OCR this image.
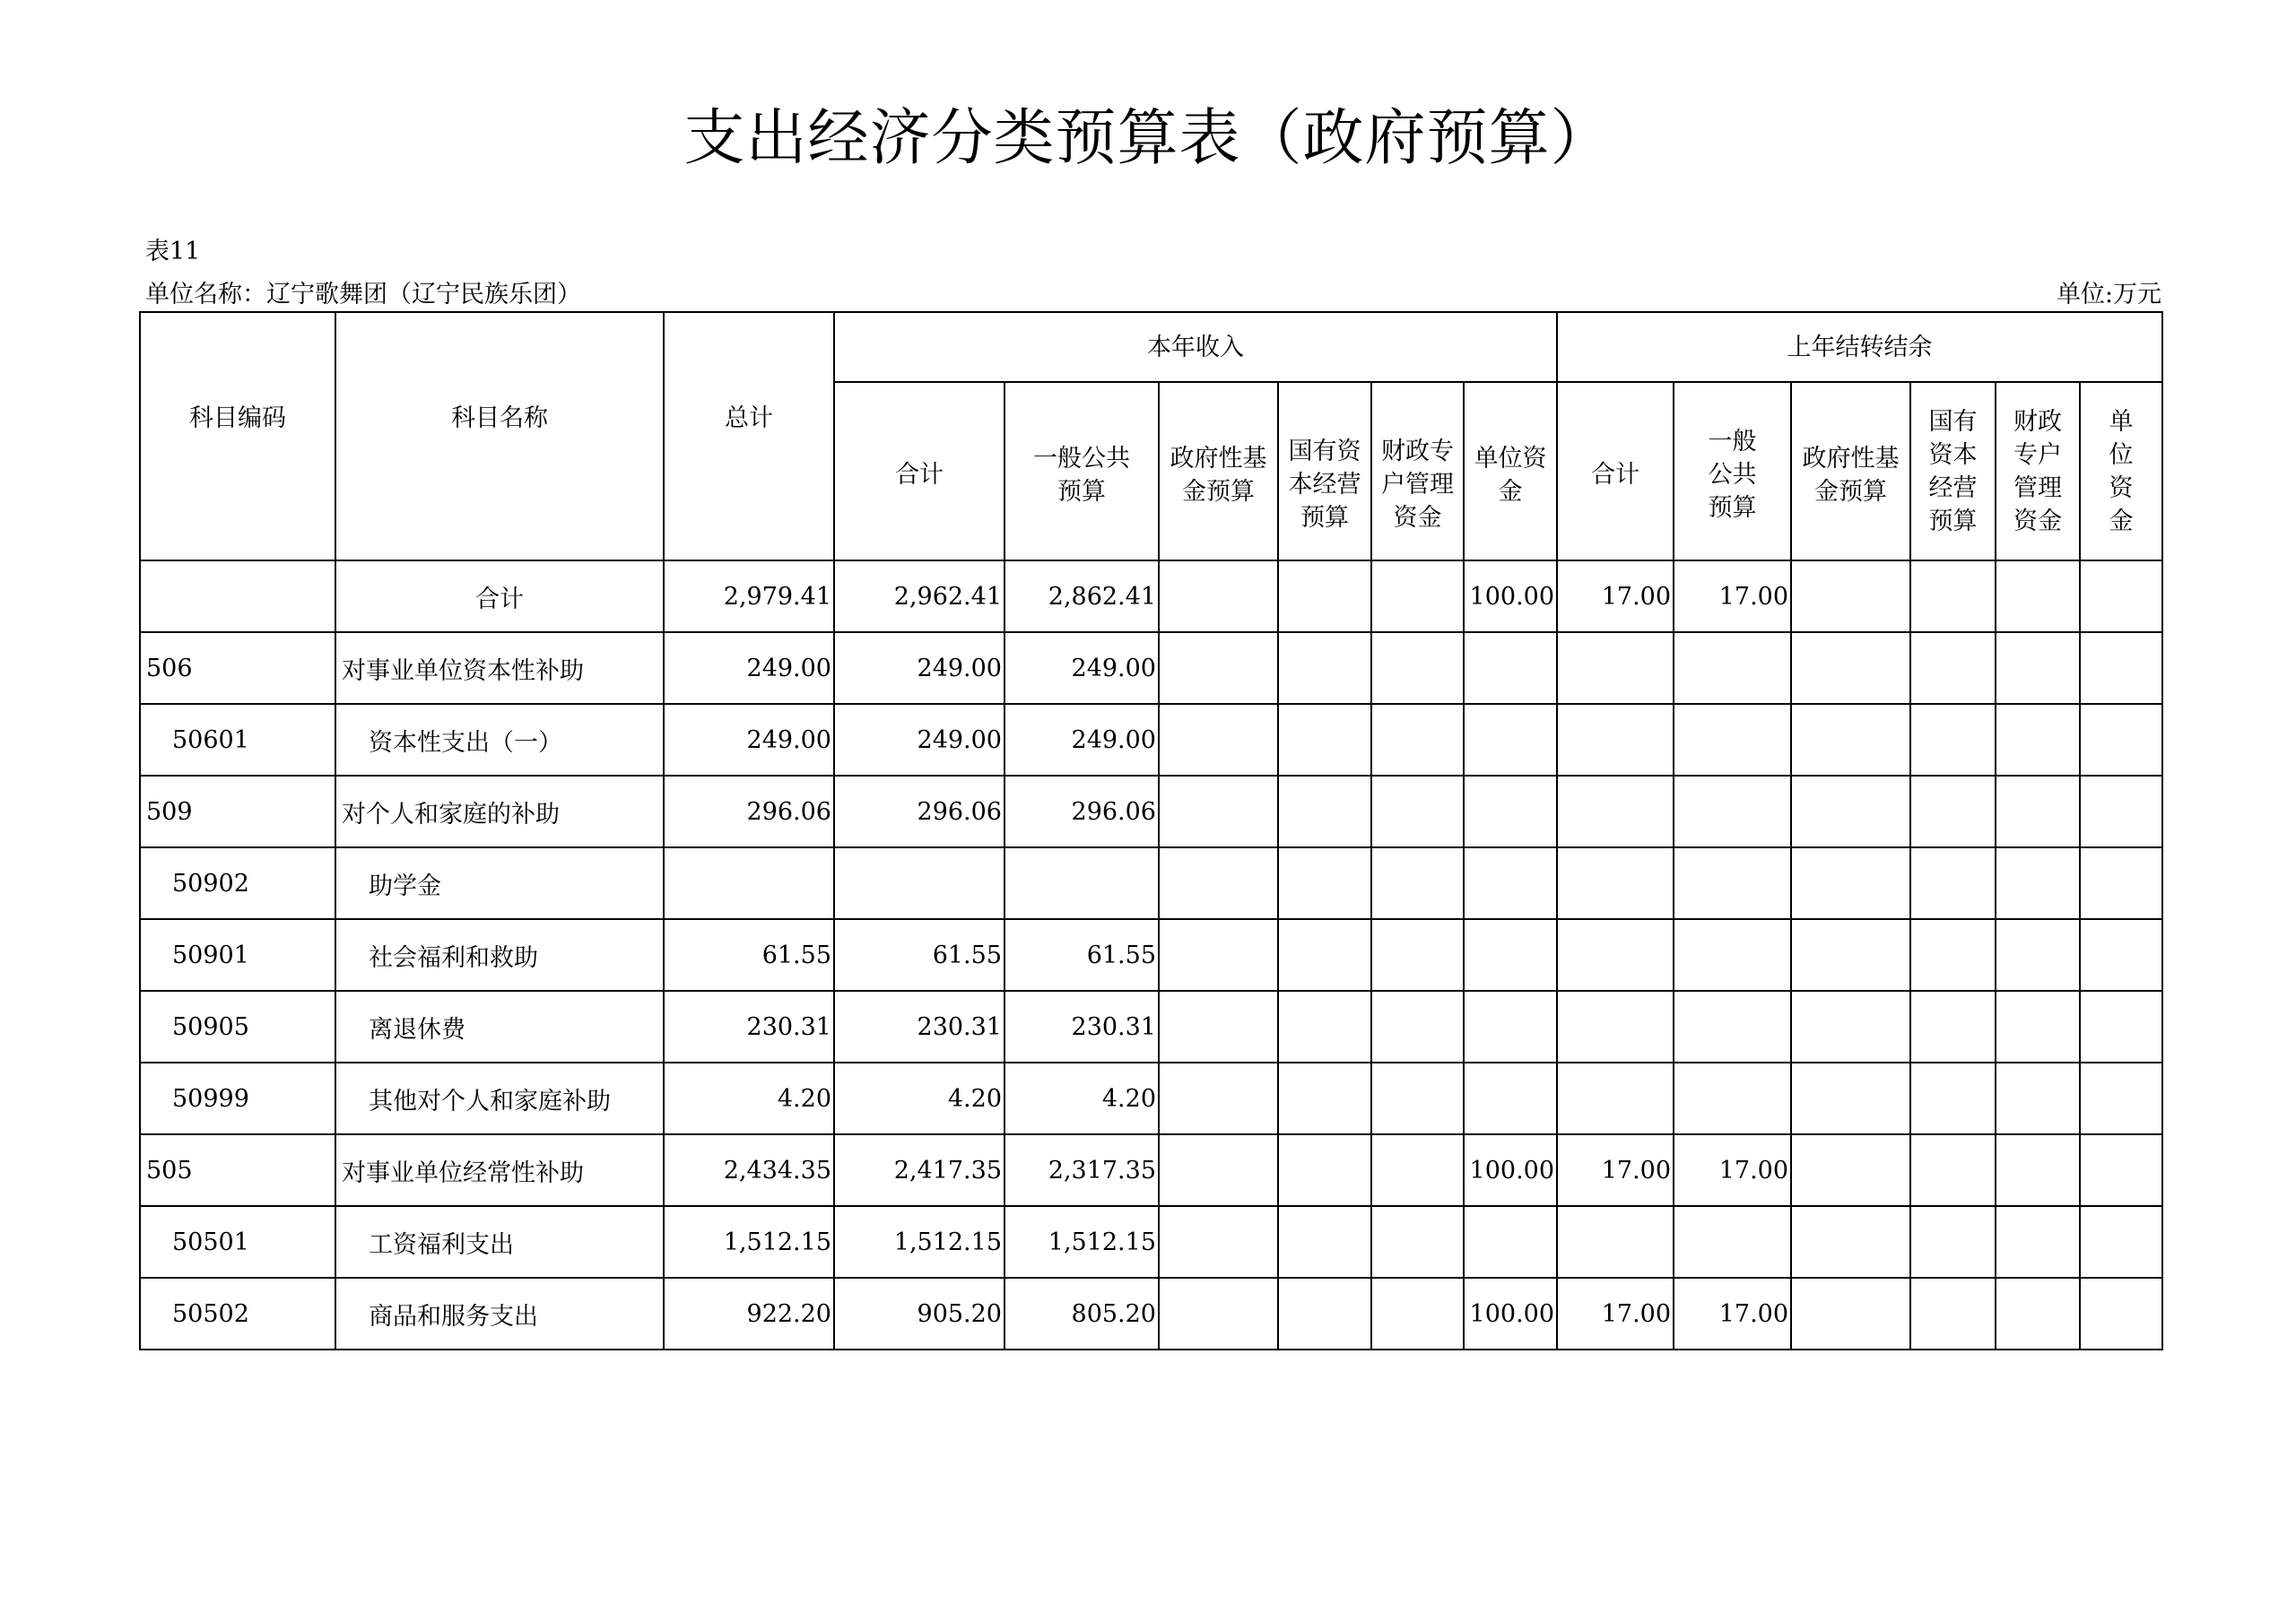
支出经济分类预算表（政府预算）
表11
单位名称：辽宁歌舞团（辽宁民族乐团）	单位:万元
科目编码	科目名称	总计	本年收入						上年结转结余					

			合计	一般公共预算	政府性基金预算	国有资本经营预算	财政专户管理资金	单位资金	合计	一般公共预算	政府性基金预算	国有资本经营预算	财政专户管理资金	单位资金

	合计	2,979.41	2,962.41	2,862.41				100.00	17.00	17.00				
506	对事业单位资本性补助	249.00	249.00	249.00										
50601	资本性支出（一）	249.00	249.00	249.00										
509	对个人和家庭的补助	296.06	296.06	296.06										
50902	助学金													
50901	社会福利和救助	61.55	61.55	61.55										
50905	离退休费	230.31	230.31	230.31										
50999	其他对个人和家庭补助	4.20	4.20	4.20										
505	对事业单位经常性补助	2,434.35	2,417.35	2,317.35				100.00	17.00	17.00				
50501	工资福利支出	1,512.15	1,512.15	1,512.15										
50502	商品和服务支出	922.20	905.20	805.20				100.00	17.00	17.00				
